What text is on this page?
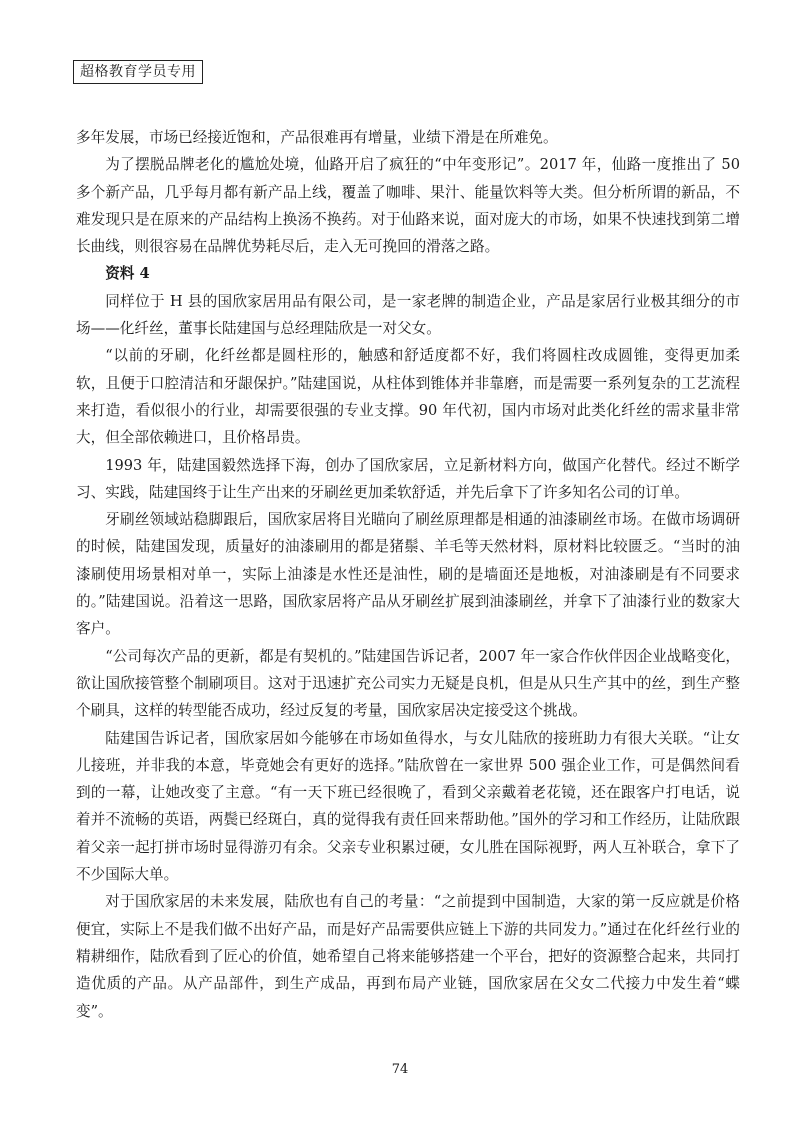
超格教育学员专用

多年发展，市场已经接近饱和，产品很难再有增量，业绩下滑是在所难免。

为了摆脱品牌老化的尴尬处境，仙路开启了疯狂的“中年变形记”。2017 年，仙路一度推出了 50 多个新产品，几乎每月都有新产品上线，覆盖了咖啡、果汁、能量饮料等大类。但分析所谓的新品，不难发现只是在原来的产品结构上换汤不换药。对于仙路来说，面对庞大的市场，如果不快速找到第二增长曲线，则很容易在品牌优势耗尽后，走入无可挽回的滑落之路。

资料 4

同样位于 H 县的国欣家居用品有限公司，是一家老牌的制造企业，产品是家居行业极其细分的市场——化纤丝，董事长陆建国与总经理陆欣是一对父女。

“以前的牙刷，化纤丝都是圆柱形的，触感和舒适度都不好，我们将圆柱改成圆锥，变得更加柔软，且便于口腔清洁和牙龈保护。”陆建国说，从柱体到锥体并非靠磨，而是需要一系列复杂的工艺流程来打造，看似很小的行业，却需要很强的专业支撑。90 年代初，国内市场对此类化纤丝的需求量非常大，但全部依赖进口，且价格昂贵。

1993 年，陆建国毅然选择下海，创办了国欣家居，立足新材料方向，做国产化替代。经过不断学习、实践，陆建国终于让生产出来的牙刷丝更加柔软舒适，并先后拿下了许多知名公司的订单。

牙刷丝领域站稳脚跟后，国欣家居将目光瞄向了刷丝原理都是相通的油漆刷丝市场。在做市场调研的时候，陆建国发现，质量好的油漆刷用的都是猪鬃、羊毛等天然材料，原材料比较匮乏。“当时的油漆刷使用场景相对单一，实际上油漆是水性还是油性，刷的是墙面还是地板，对油漆刷是有不同要求的。”陆建国说。沿着这一思路，国欣家居将产品从牙刷丝扩展到油漆刷丝，并拿下了油漆行业的数家大客户。

“公司每次产品的更新，都是有契机的。”陆建国告诉记者，2007 年一家合作伙伴因企业战略变化，欲让国欣接管整个制刷项目。这对于迅速扩充公司实力无疑是良机，但是从只生产其中的丝，到生产整个刷具，这样的转型能否成功，经过反复的考量，国欣家居决定接受这个挑战。

陆建国告诉记者，国欣家居如今能够在市场如鱼得水，与女儿陆欣的接班助力有很大关联。“让女儿接班，并非我的本意，毕竟她会有更好的选择。”陆欣曾在一家世界 500 强企业工作，可是偶然间看到的一幕，让她改变了主意。“有一天下班已经很晚了，看到父亲戴着老花镜，还在跟客户打电话，说着并不流畅的英语，两鬓已经斑白，真的觉得我有责任回来帮助他。”国外的学习和工作经历，让陆欣跟着父亲一起打拼市场时显得游刃有余。父亲专业积累过硬，女儿胜在国际视野，两人互补联合，拿下了不少国际大单。

对于国欣家居的未来发展，陆欣也有自己的考量：“之前提到中国制造，大家的第一反应就是价格便宜，实际上不是我们做不出好产品，而是好产品需要供应链上下游的共同发力。”通过在化纤丝行业的精耕细作，陆欣看到了匠心的价值，她希望自己将来能够搭建一个平台，把好的资源整合起来，共同打造优质的产品。从产品部件，到生产成品，再到布局产业链，国欣家居在父女二代接力中发生着“蝶变”。

74
